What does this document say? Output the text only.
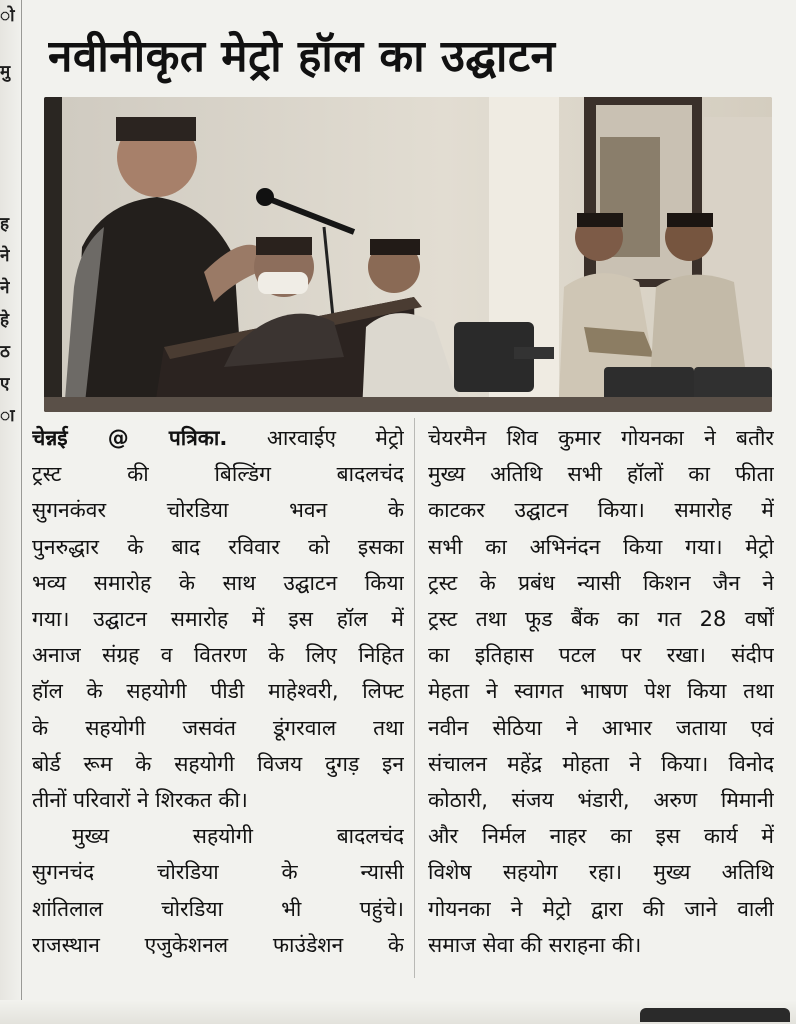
ो
मु
ह
ने
ने
हे
ठ
ए
ा
नवीनीकृत मेट्रो हॉल का उद्घाटन
चेन्नई @ पत्रिका. आरवाईए मेट्रो
ट्रस्ट की बिल्डिंग बादलचंद
सुगनकंवर चोरडिया भवन के
पुनरुद्धार के बाद रविवार को इसका
भव्य समारोह के साथ उद्घाटन किया
गया। उद्घाटन समारोह में इस हॉल में
अनाज संग्रह व वितरण के लिए निहित
हॉल के सहयोगी पीडी माहेश्वरी, लिफ्ट
के सहयोगी जसवंत डूंगरवाल तथा
बोर्ड रूम के सहयोगी विजय दुगड़ इन
तीनों परिवारों ने शिरकत की।
मुख्य सहयोगी बादलचंद
सुगनचंद चोरडिया के न्यासी
शांतिलाल चोरडिया भी पहुंचे।
राजस्थान एजुकेशनल फाउंडेशन के
चेयरमैन शिव कुमार गोयनका ने बतौर
मुख्य अतिथि सभी हॉलों का फीता
काटकर उद्घाटन किया। समारोह में
सभी का अभिनंदन किया गया। मेट्रो
ट्रस्ट के प्रबंध न्यासी किशन जैन ने
ट्रस्ट तथा फूड बैंक का गत 28 वर्षों
का इतिहास पटल पर रखा। संदीप
मेहता ने स्वागत भाषण पेश किया तथा
नवीन सेठिया ने आभार जताया एवं
संचालन महेंद्र मोहता ने किया। विनोद
कोठारी, संजय भंडारी, अरुण मिमानी
और निर्मल नाहर का इस कार्य में
विशेष सहयोग रहा। मुख्य अतिथि
गोयनका ने मेट्रो द्वारा की जाने वाली
समाज सेवा की सराहना की।
